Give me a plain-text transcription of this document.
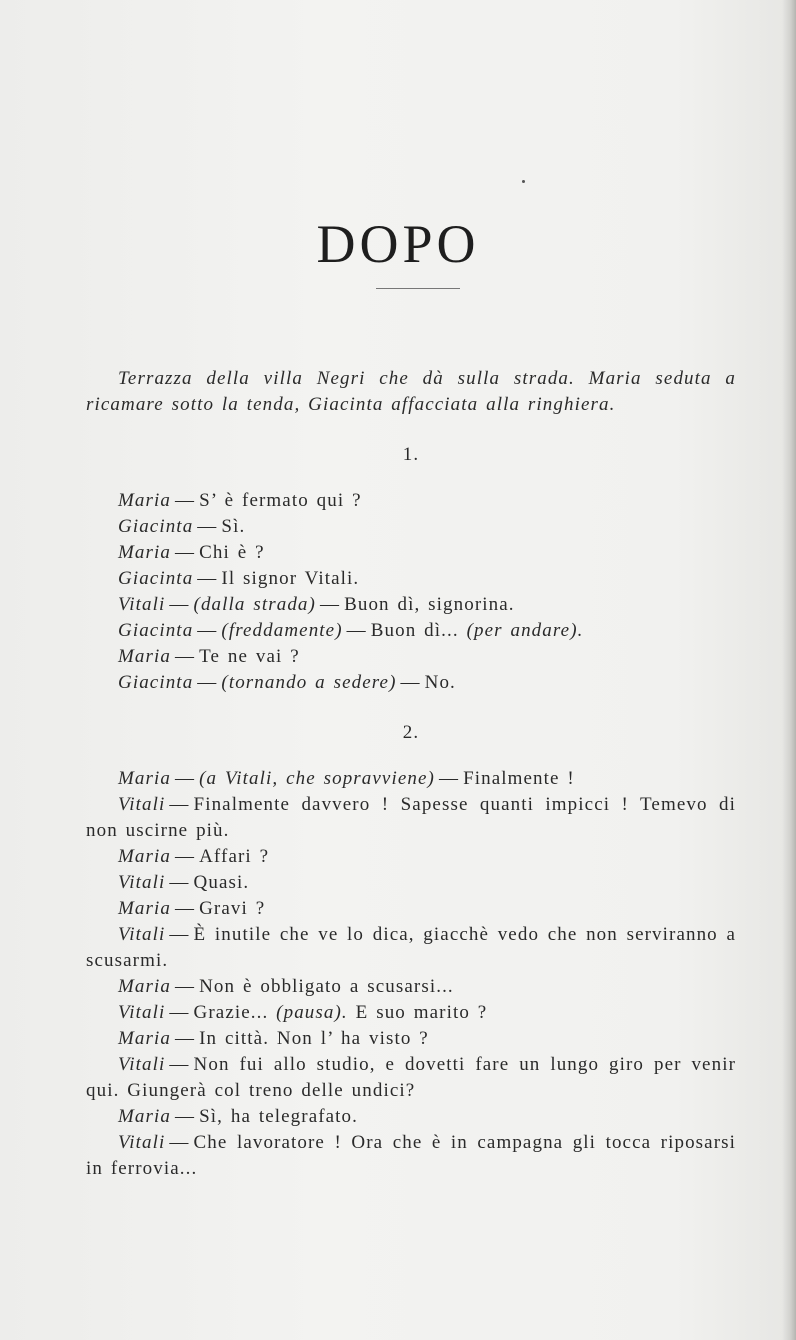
DOPO

Terrazza della villa Negri che dà sulla strada. Maria seduta a ricamare sotto la tenda, Giacinta affacciata alla ringhiera.

1.

Maria — S’ è fermato qui ?

Giacinta — Sì.

Maria — Chi è ?

Giacinta — Il signor Vitali.

Vitali — (dalla strada) — Buon dì, signorina.

Giacinta — (freddamente) — Buon dì... (per andare).

Maria — Te ne vai ?

Giacinta — (tornando a sedere) — No.

2.

Maria — (a Vitali, che sopravviene) — Finalmente !

Vitali — Finalmente davvero ! Sapesse quanti impicci ! Temevo di non uscirne più.

Maria — Affari ?

Vitali — Quasi.

Maria — Gravi ?

Vitali — È inutile che ve lo dica, giacchè vedo che non serviranno a scusarmi.

Maria — Non è obbligato a scusarsi...

Vitali — Grazie... (pausa). E suo marito ?

Maria — In città. Non l’ ha visto ?

Vitali — Non fui allo studio, e dovetti fare un lungo giro per venir qui. Giungerà col treno delle undici?

Maria — Sì, ha telegrafato.

Vitali — Che lavoratore ! Ora che è in campagna gli tocca riposarsi in ferrovia...
